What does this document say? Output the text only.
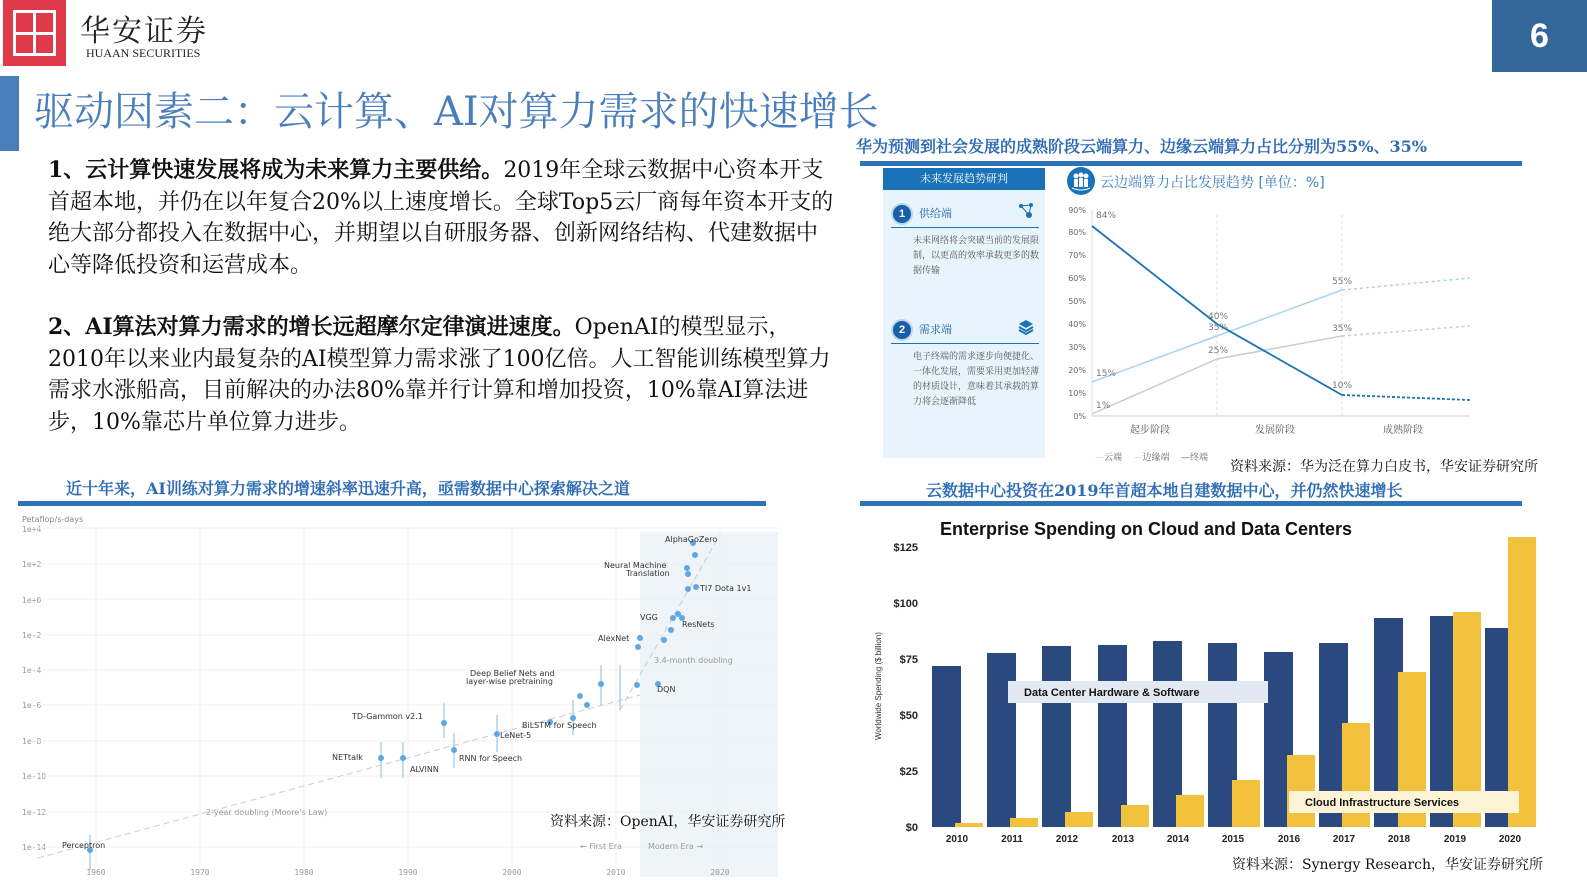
华安证券
HUAAN SECURITIES	6
驱动因素二：云计算、AI对算力需求的快速增长
1、云计算快速发展将成为未来算力主要供给。2019年全球云数据中心资本开支首超本地，并仍在以年复合20%以上速度增长。全球Top5云厂商每年资本开支的绝大部分都投入在数据中心，并期望以自研服务器、创新网络结构、代建数据中心等降低投资和运营成本。
2、AI算法对算力需求的增长远超摩尔定律演进速度。OpenAI的模型显示，2010年以来业内最复杂的AI模型算力需求涨了100亿倍。人工智能训练模型算力需求水涨船高，目前解决的办法80%靠并行计算和增加投资，10%靠AI算法进步，10%靠芯片单位算力进步。
华为预测到社会发展的成熟阶段云端算力、边缘云端算力占比分别为55%、35%
未来发展趋势研判
1 供给端
未来网络将会突破当前的发展限制，以更高的效率承载更多的数据传输
2 需求端
电子终端的需求逐步向便捷化、一体化发展，需要采用更加轻薄的材质设计，意味着其承载的算力将会逐渐降低
云边端算力占比发展趋势 [单位：%]
0%
10%
20%
30%
40%
50%
60%
70%
80%
90%
84%
15%
1%
40%
35%
25%
55%
35%
10%
起步阶段	发展阶段	成熟阶段
—云端 —边缘端 —终端
资料来源：华为泛在算力白皮书，华安证券研究所
近十年来，AI训练对算力需求的增速斜率迅速升高，亟需数据中心探索解决之道
Petaflop/s-days
1e+4
1e+2
1e+0
1e-2
1e-4
1e-6
1e-8
1e-10
1e-12
1e-14 Perceptron
NETtalk
ALVINN
TD-Gammon v2.1
RNN for Speech
LeNet-5
BiLSTM for Speech
Deep Belief Nets and
layer-wise pretraining
AlexNet
DQN
VGG
ResNets
Neural Machine
Translation
TI7 Dota 1v1
AlphaGoZero
2-year doubling (Moore's Law)
3.4-month doubling
← First Era	Modern Era →
1960	1970	1980	1990	2000	2010	2020
资料来源：OpenAI，华安证券研究所
云数据中心投资在2019年首超本地自建数据中心，并仍然快速增长
Enterprise Spending on Cloud and Data Centers
Worldwide Spending ($ billion)
$125
$100
$75
$50
$25
$0
Data Center Hardware & Software
Cloud Infrastructure Services
2010	2011	2012	2013	2014	2015	2016	2017	2018	2019	2020
资料来源：Synergy Research，华安证券研究所
